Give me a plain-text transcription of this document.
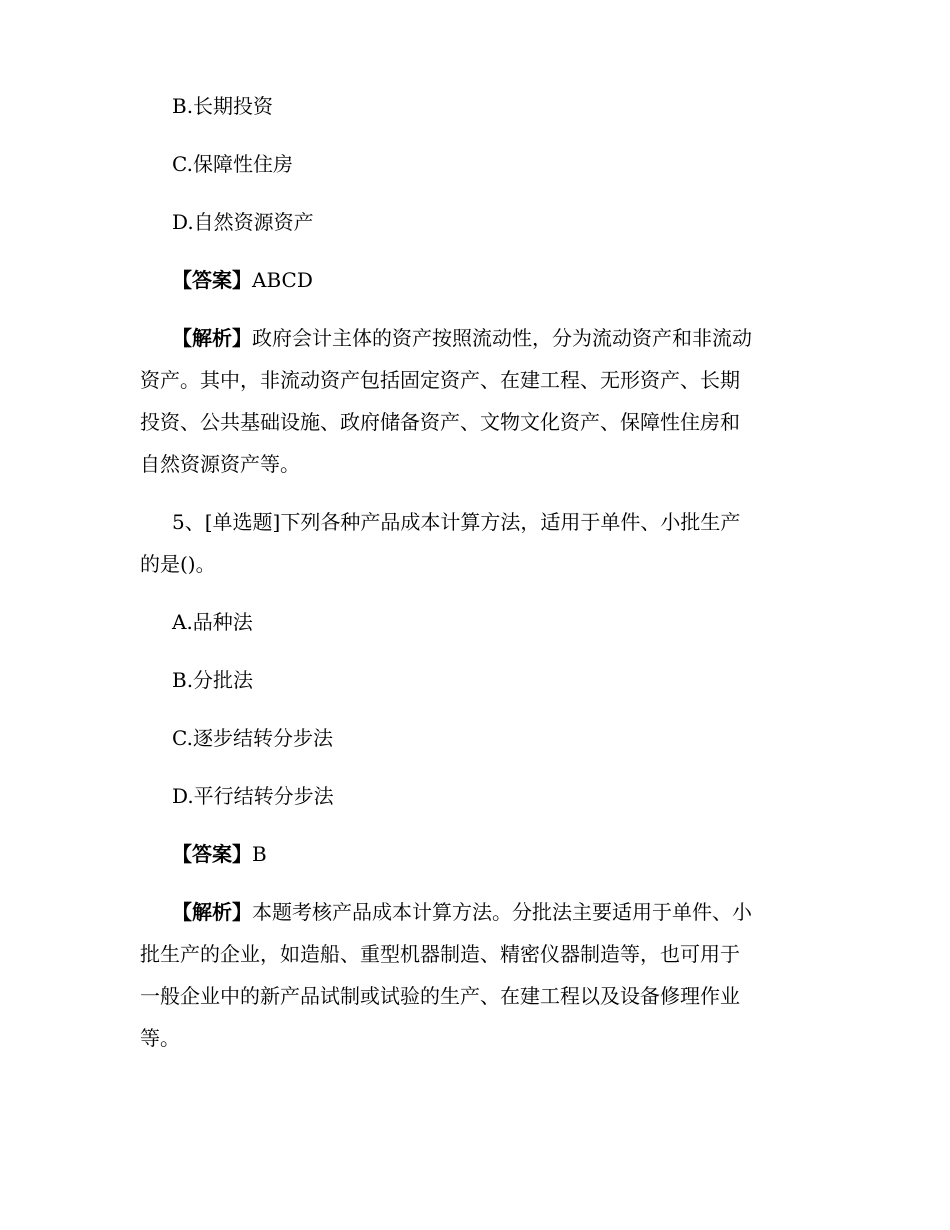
B.长期投资
C.保障性住房
D.自然资源资产
【答案】ABCD
【解析】政府会计主体的资产按照流动性，分为流动资产和非流动
资产。其中，非流动资产包括固定资产、在建工程、无形资产、长期
投资、公共基础设施、政府储备资产、文物文化资产、保障性住房和
自然资源资产等。
5、[单选题]下列各种产品成本计算方法，适用于单件、小批生产
的是()。
A.品种法
B.分批法
C.逐步结转分步法
D.平行结转分步法
【答案】B
【解析】本题考核产品成本计算方法。分批法主要适用于单件、小
批生产的企业，如造船、重型机器制造、精密仪器制造等，也可用于
一般企业中的新产品试制或试验的生产、在建工程以及设备修理作业
等。
